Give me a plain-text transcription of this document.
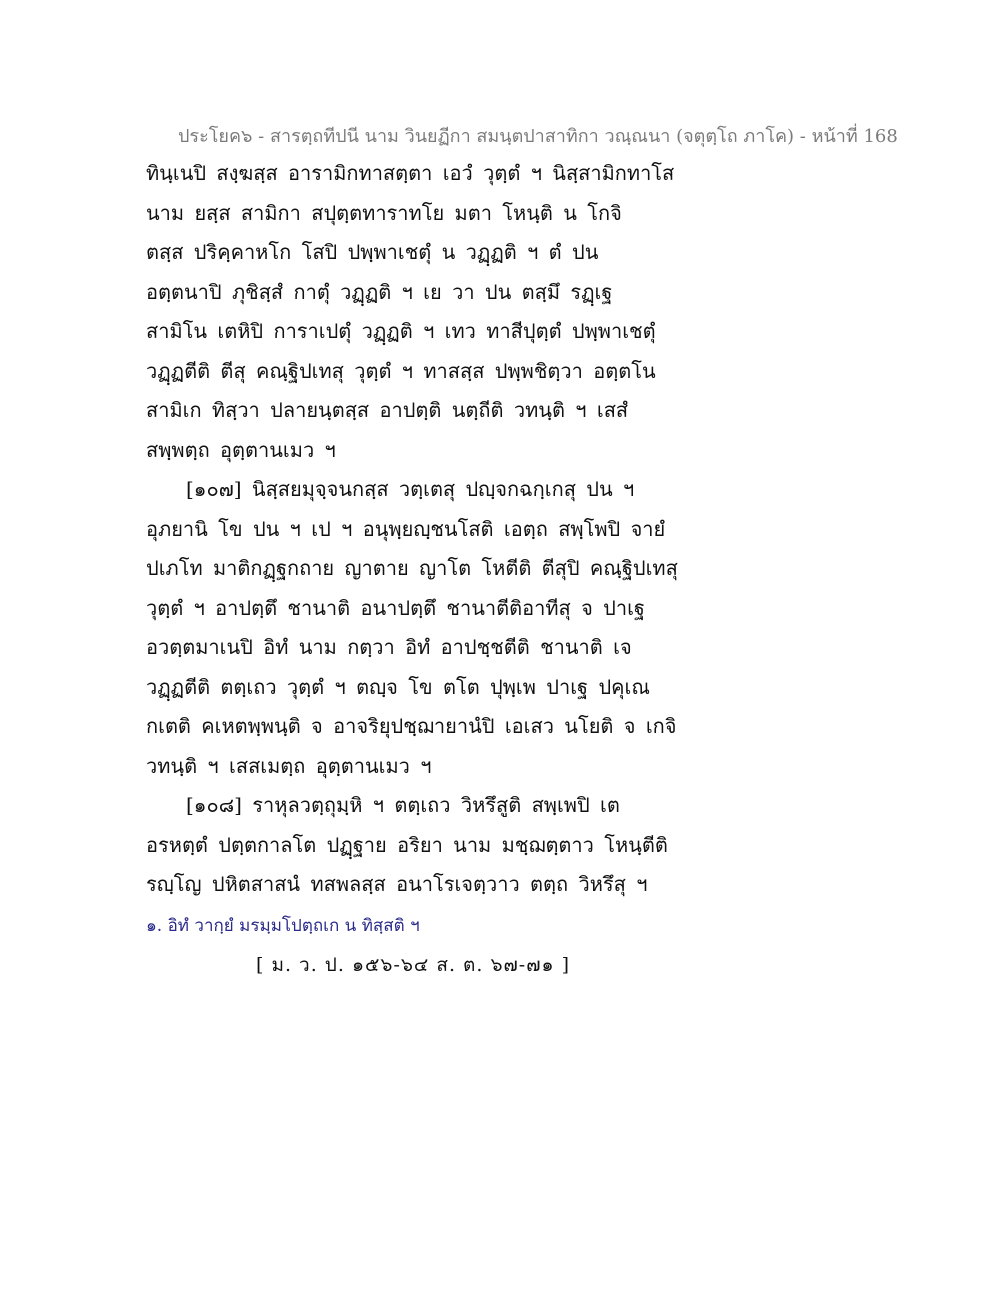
ประโยค๖ - สารตฺถทีปนี นาม วินยฏีกา สมนฺตปาสาทิกา วณฺณนา (จตุตฺโถ ภาโค) - หน้าที่ 168
ทินฺเนปิ สงฺฆสฺส อารามิกทาสตฺตา เอวํ วุตฺตํ ฯ นิสฺสามิกทาโส
นาม ยสฺส สามิกา สปุตฺตทาราทโย มตา โหนฺติ น โกจิ
ตสฺส ปริคฺคาหโก โสปิ ปพฺพาเชตุํ น วฏฺฏติ ฯ ตํ ปน
อตฺตนาปิ ภุชิสฺสํ กาตุํ วฏฺฏติ ฯ เย วา ปน ตสฺมึ รฏฺเฐ
สามิโน เตหิปิ การาเปตุํ วฏฺฏติ ฯ เทว ทาสีปุตฺตํ ปพฺพาเชตุํ
วฏฺฏตีติ ตีสุ คณฺฐิปเทสุ วุตฺตํ ฯ ทาสสฺส ปพฺพชิตฺวา อตฺตโน
สามิเก ทิสฺวา ปลายนฺตสฺส อาปตฺติ นตฺถีติ วทนฺติ ฯ เสสํ
สพฺพตฺถ อุตฺตานเมว ฯ
[๑๐๗] นิสฺสยมุจฺจนกสฺส วตฺเตสุ ปญฺจกฉกฺเกสุ ปน ฯ
อุภยานิ โข ปน ฯ เป ฯ อนุพฺยญฺชนโสติ เอตฺถ สพฺโพปิ จายํ
ปเภโท มาติกฏฺฐกถาย ญาตาย ญาโต โหตีติ ตีสุปิ คณฺฐิปเทสุ
วุตฺตํ ฯ อาปตฺตึ ชานาติ อนาปตฺตึ ชานาตีติอาทีสุ จ ปาเฐ
อวตฺตมาเนปิ อิทํ นาม กตฺวา อิทํ อาปชฺชตีติ ชานาติ เจ
วฏฺฏตีติ ตตฺเถว วุตฺตํ ฯ ตญฺจ โข ตโต ปุพฺเพ ปาเฐ ปคุเณ
กเตติ คเหตพฺพนฺติ จ อาจริยุปชฺฌายานํปิ เอเสว นโยติ จ เกจิ
วทนฺติ ฯ เสสเมตฺถ อุตฺตานเมว ฯ
[๑๐๘] ราหุลวตฺถุมฺหิ ฯ ตตฺเถว วิหรึสูติ สพฺเพปิ เต
อรหตฺตํ ปตฺตกาลโต ปฏฺฐาย อริยา นาม มชฺฌตฺตาว โหนฺตีติ
รญฺโญ ปหิตสาสนํ ทสพลสฺส อนาโรเจตฺวาว ตตฺถ วิหรึสุ ฯ
๑. อิทํ วากฺยํ มรมฺมโปตฺถเก น ทิสฺสติ ฯ
[ ม. ว. ป. ๑๕๖-๖๔ ส. ต. ๖๗-๗๑ ]
